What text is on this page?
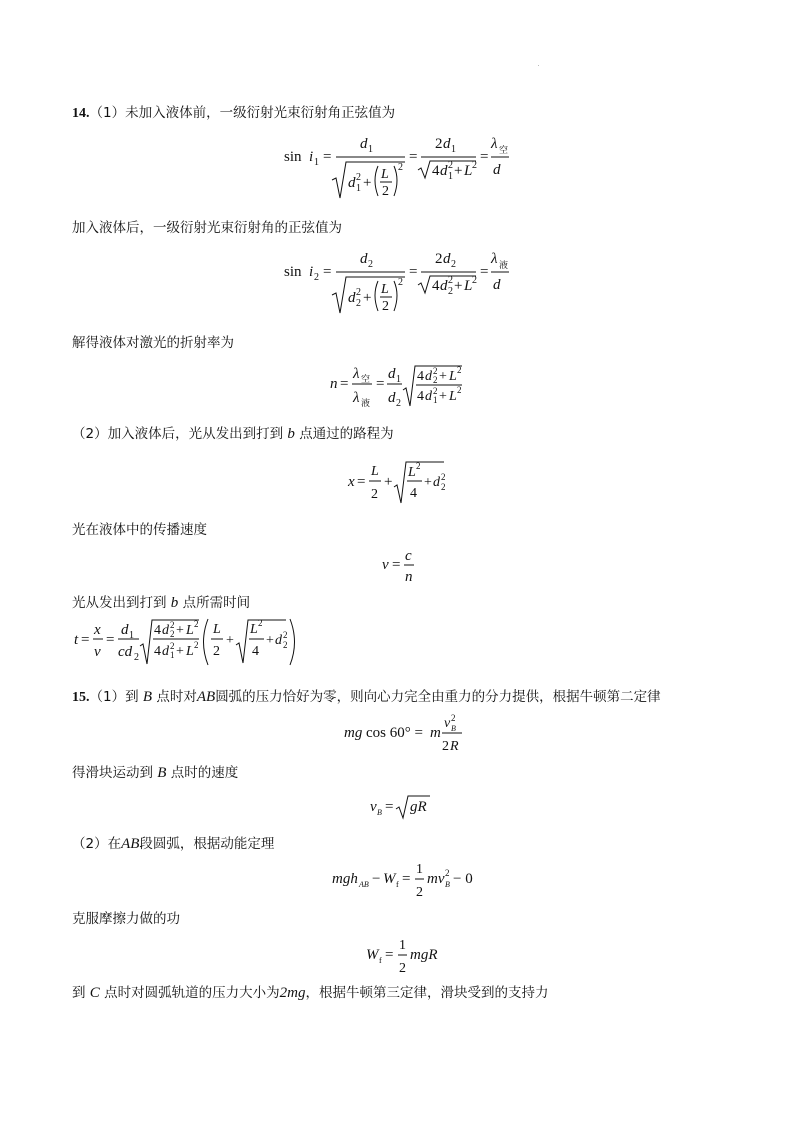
14.（1）未加入液体前，一级衍射光束衍射角正弦值为
sin i 1 =
d 1
d 1
2 +
L
2
2
=
2 d 1
4 d 1
2 + L 2
=
λ 空
d
加入液体后，一级衍射光束衍射角的正弦值为
sin i 2 =
d 2
d 2
2 +
L
2
2
=
2 d 2
4 d 2
2 + L 2
=
λ 液
d
解得液体对激光的折射率为
n =
λ 空
λ 液
=
d 1
d 2
4 d 2
2 + L 2
4 d 1
2 + L 2
（2）加入液体后，光从发出到打到 b 点通过的路程为
x =
L
2
+
L 2
4
+ d 2
2
光在液体中的传播速度
v =
c
n
光从发出到打到 b 点所需时间
t =
x
v
=
d 1
cd 2
4 d 2
2 + L 2
4 d 1
2 + L 2
L
2
+
L 2
4
+ d 2
2
15.（1）到 B 点时对AB圆弧的压力恰好为零，则向心力完全由重力的分力提供，根据牛顿第二定律
mg cos 60° = m
v B
2
2 R
得滑块运动到 B 点时的速度
v B = gR
（2）在AB段圆弧，根据动能定理
mgh AB − W f =
1
2
mv B
2 − 0
克服摩擦力做的功
W f =
1
2
mgR
到 C 点时对圆弧轨道的压力大小为2mg，根据牛顿第三定律，滑块受到的支持力
